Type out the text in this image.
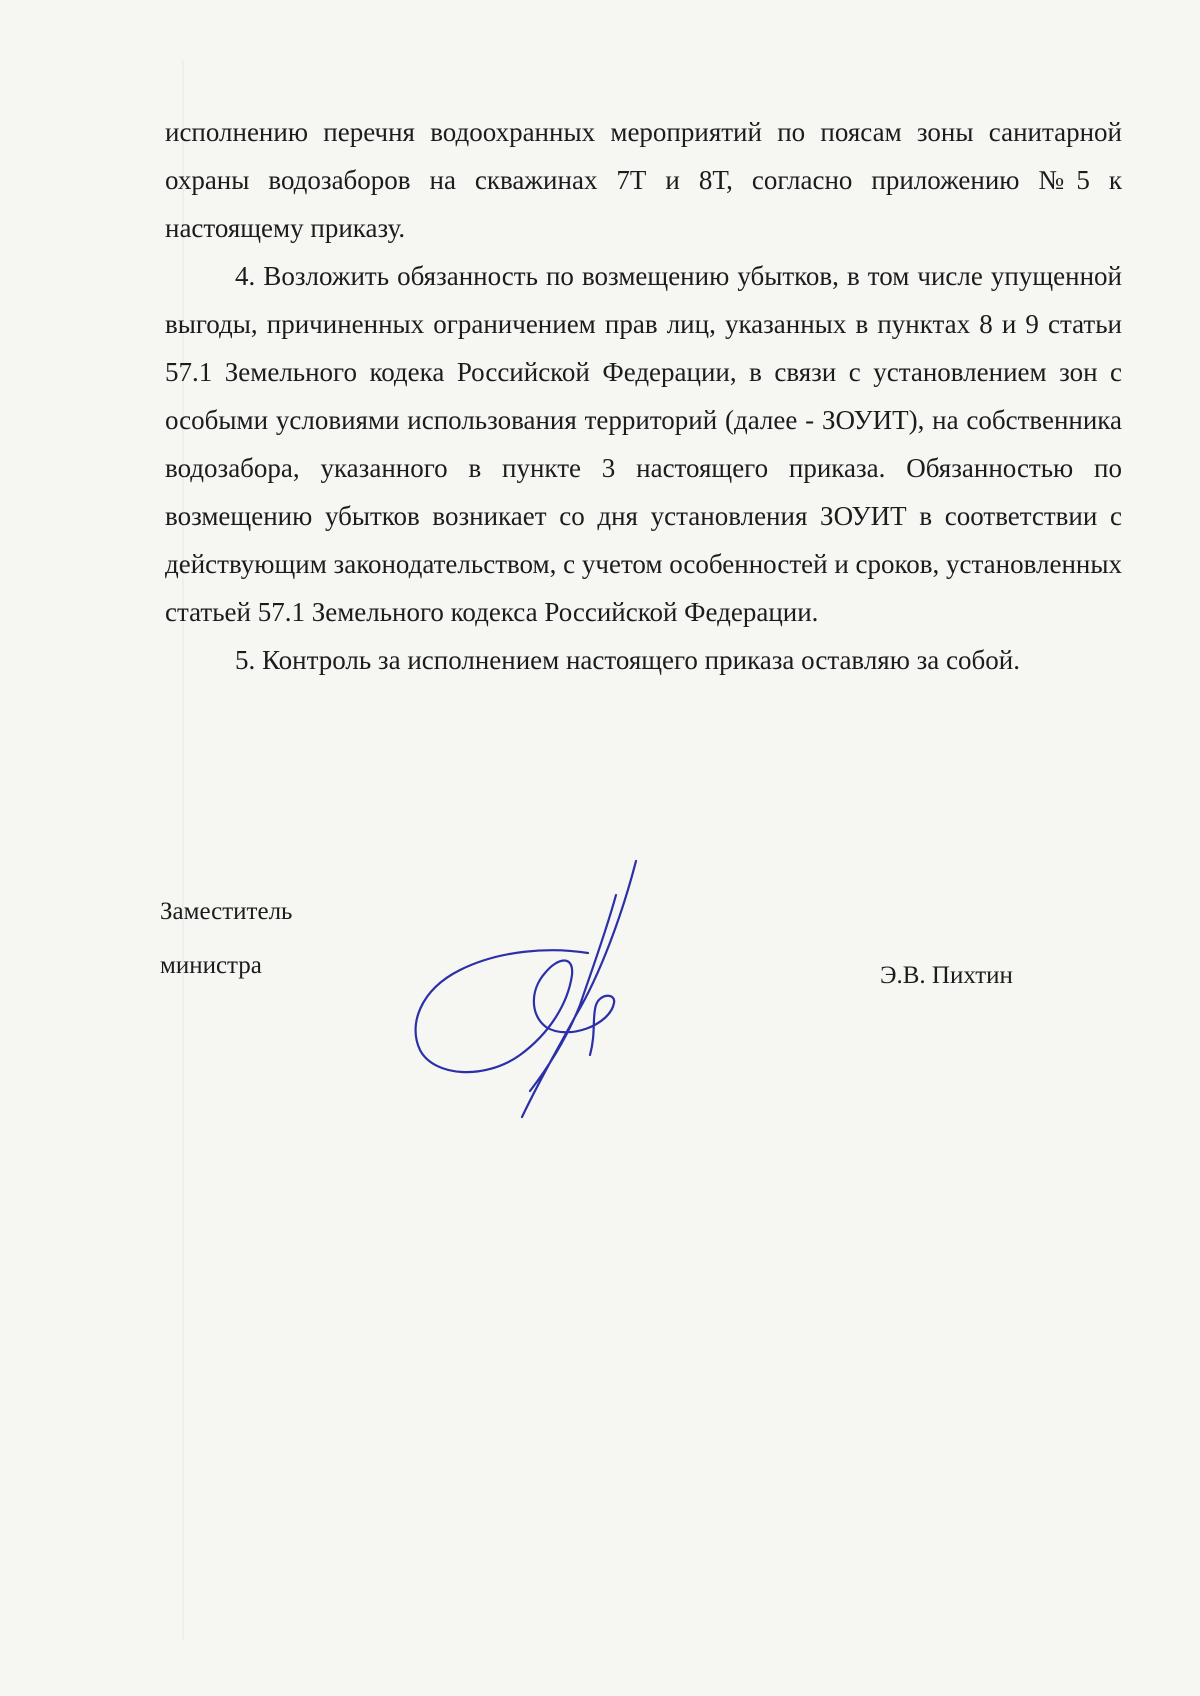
исполнению перечня водоохранных мероприятий по поясам зоны санитарной охраны водозаборов на скважинах 7Т и 8Т, согласно приложению №5 к настоящему приказу.

4. Возложить обязанность по возмещению убытков, в том числе упущенной выгоды, причиненных ограничением прав лиц, указанных в пунктах 8 и 9 статьи 57.1 Земельного кодека Российской Федерации, в связи с установлением зон с особыми условиями использования территорий (далее - ЗОУИТ), на собственника водозабора, указанного в пункте 3 настоящего приказа. Обязанностью по возмещению убытков возникает со дня установления ЗОУИТ в соответствии с действующим законодательством, с учетом особенностей и сроков, установленных статьей 57.1 Земельного кодекса Российской Федерации.

5. Контроль за исполнением настоящего приказа оставляю за собой.

Заместитель
министра	Э.В. Пихтин
